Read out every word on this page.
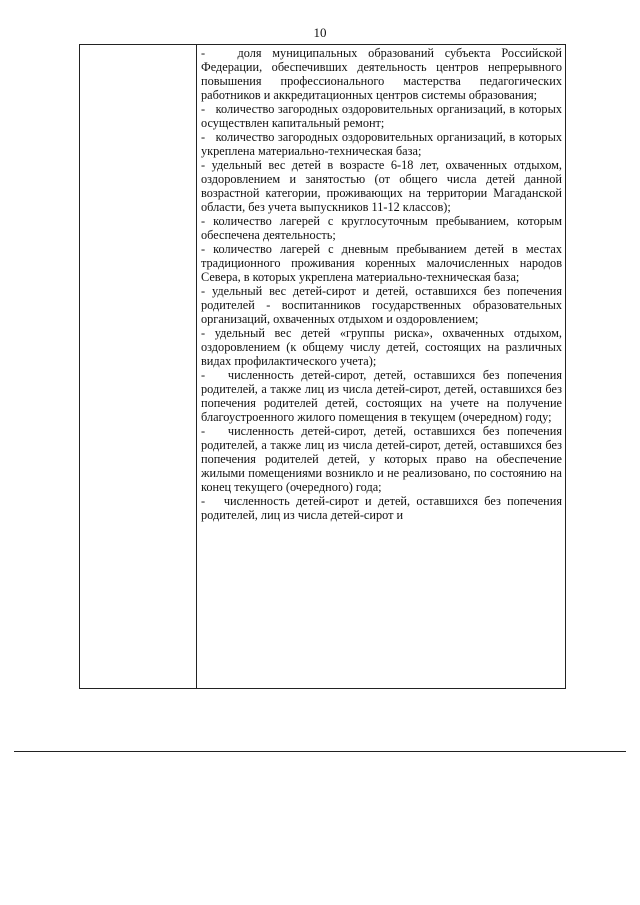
10

-   доля муниципальных образований субъекта Российской Федерации, обеспечивших деятельность центров непрерывного повышения профессионального мастерства педагогических работников и аккредитационных центров системы образования;

-   количество загородных оздоровительных организаций, в которых осуществлен капитальный ремонт;

-   количество загородных оздоровительных организаций, в которых укреплена материально-техническая база;

- удельный вес детей в возрасте 6-18 лет, охваченных отдыхом, оздоровлением и занятостью (от общего числа детей данной возрастной категории, проживающих на территории Магаданской области, без учета выпускников 11-12 классов);

- количество лагерей с круглосуточным пребыванием, которым обеспечена деятельность;

- количество лагерей с дневным пребыванием детей в местах традиционного проживания коренных малочисленных народов Севера, в которых укреплена материально-техническая база;

- удельный вес детей-сирот и детей, оставшихся без попечения родителей - воспитанников государственных образовательных организаций, охваченных отдыхом и оздоровлением;

- удельный вес детей «группы риска», охваченных отдыхом, оздоровлением (к общему числу детей, состоящих на различных видах профилактического учета);

-   численность детей-сирот, детей, оставшихся без попечения родителей, а также лиц из числа детей-сирот, детей, оставшихся без попечения родителей детей, состоящих на учете на получение благоустроенного жилого помещения в текущем (очередном) году;

-   численность детей-сирот, детей, оставшихся без попечения родителей, а также лиц из числа детей-сирот, детей, оставшихся без попечения родителей детей, у которых право на обеспечение жилыми помещениями возникло и не реализовано, по состоянию на конец текущего (очередного) года;

-   численность детей-сирот и детей, оставшихся без попечения родителей, лиц из числа детей-сирот и
